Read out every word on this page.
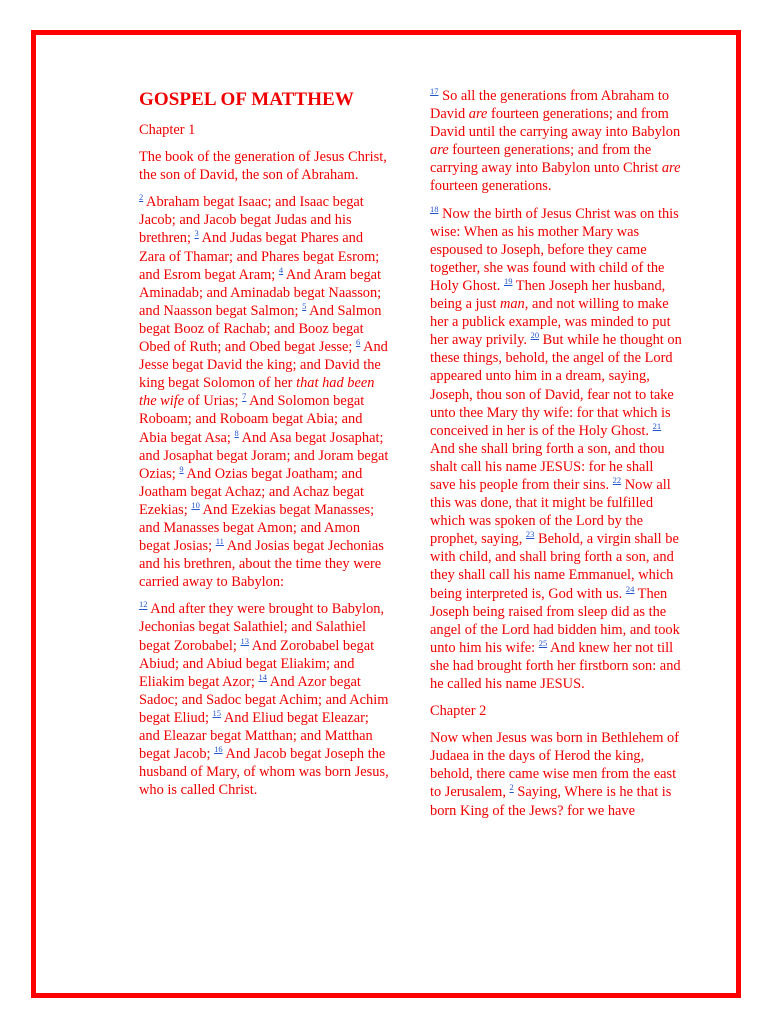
GOSPEL OF MATTHEW
Chapter 1

The book of the generation of Jesus Christ, the son of David, the son of Abraham.

$^2$ Abraham begat Isaac; and Isaac begat Jacob; and Jacob begat Judas and his brethren; $^3$ And Judas begat Phares and Zara of Thamar; and Phares begat Esrom; and Esrom begat Aram; $^4$ And Aram begat Aminadab; and Aminadab begat Naasson; and Naasson begat Salmon; $^5$ And Salmon begat Booz of Rachab; and Booz begat Obed of Ruth; and Obed begat Jesse; $^6$ And Jesse begat David the king; and David the king begat Solomon of her that had been the wife of Urias; $^7$ And Solomon begat Roboam; and Roboam begat Abia; and Abia begat Asa; $^8$ And Asa begat Josaphat; and Josaphat begat Joram; and Joram begat Ozias; $^9$ And Ozias begat Joatham; and Joatham begat Achaz; and Achaz begat Ezekias; $^{10}$ And Ezekias begat Manasses; and Manasses begat Amon; and Amon begat Josias; $^{11}$ And Josias begat Jechonias and his brethren, about the time they were carried away to Babylon:

$^{12}$ And after they were brought to Babylon, Jechonias begat Salathiel; and Salathiel begat Zorobabel; $^{13}$ And Zorobabel begat Abiud; and Abiud begat Eliakim; and Eliakim begat Azor; $^{14}$ And Azor begat Sadoc; and Sadoc begat Achim; and Achim begat Eliud; $^{15}$ And Eliud begat Eleazar; and Eleazar begat Matthan; and Matthan begat Jacob; $^{16}$ And Jacob begat Joseph the husband of Mary, of whom was born Jesus, who is called Christ.

$^{17}$ So all the generations from Abraham to David are fourteen generations; and from David until the carrying away into Babylon are fourteen generations; and from the carrying away into Babylon unto Christ are fourteen generations.

$^{18}$ Now the birth of Jesus Christ was on this wise: When as his mother Mary was espoused to Joseph, before they came together, she was found with child of the Holy Ghost. $^{19}$ Then Joseph her husband, being a just man, and not willing to make her a publick example, was minded to put her away privily. $^{20}$ But while he thought on these things, behold, the angel of the Lord appeared unto him in a dream, saying, Joseph, thou son of David, fear not to take unto thee Mary thy wife: for that which is conceived in her is of the Holy Ghost. $^{21}$ And she shall bring forth a son, and thou shalt call his name JESUS: for he shall save his people from their sins. $^{22}$ Now all this was done, that it might be fulfilled which was spoken of the Lord by the prophet, saying, $^{23}$ Behold, a virgin shall be with child, and shall bring forth a son, and they shall call his name Emmanuel, which being interpreted is, God with us. $^{24}$ Then Joseph being raised from sleep did as the angel of the Lord had bidden him, and took unto him his wife: $^{25}$ And knew her not till she had brought forth her firstborn son: and he called his name JESUS.

Chapter 2

Now when Jesus was born in Bethlehem of Judaea in the days of Herod the king, behold, there came wise men from the east to Jerusalem, $^2$ Saying, Where is he that is born King of the Jews? for we have
